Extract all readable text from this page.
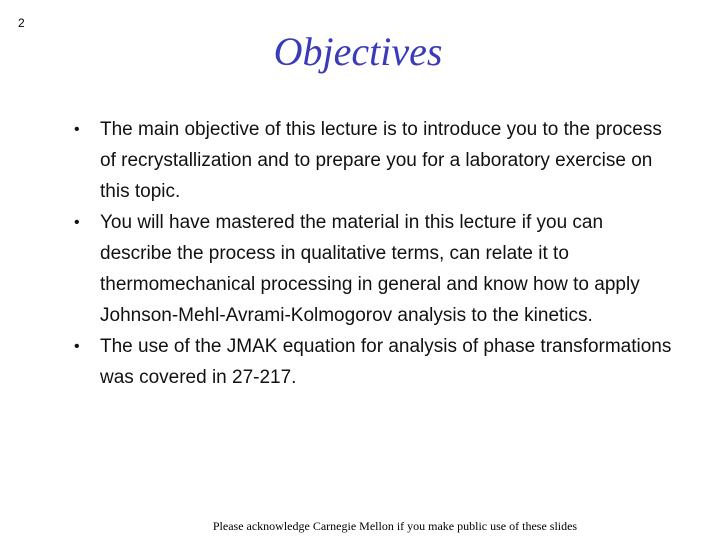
2
Objectives
• The main objective of this lecture is to introduce you to the process of recrystallization and to prepare you for a laboratory exercise on this topic.
• You will have mastered the material in this lecture if you can describe the process in qualitative terms, can relate it to thermomechanical processing in general and know how to apply Johnson-Mehl-Avrami-Kolmogorov analysis to the kinetics.
• The use of the JMAK equation for analysis of phase transformations was covered in 27-217.
Please acknowledge Carnegie Mellon if you make public use of these slides
